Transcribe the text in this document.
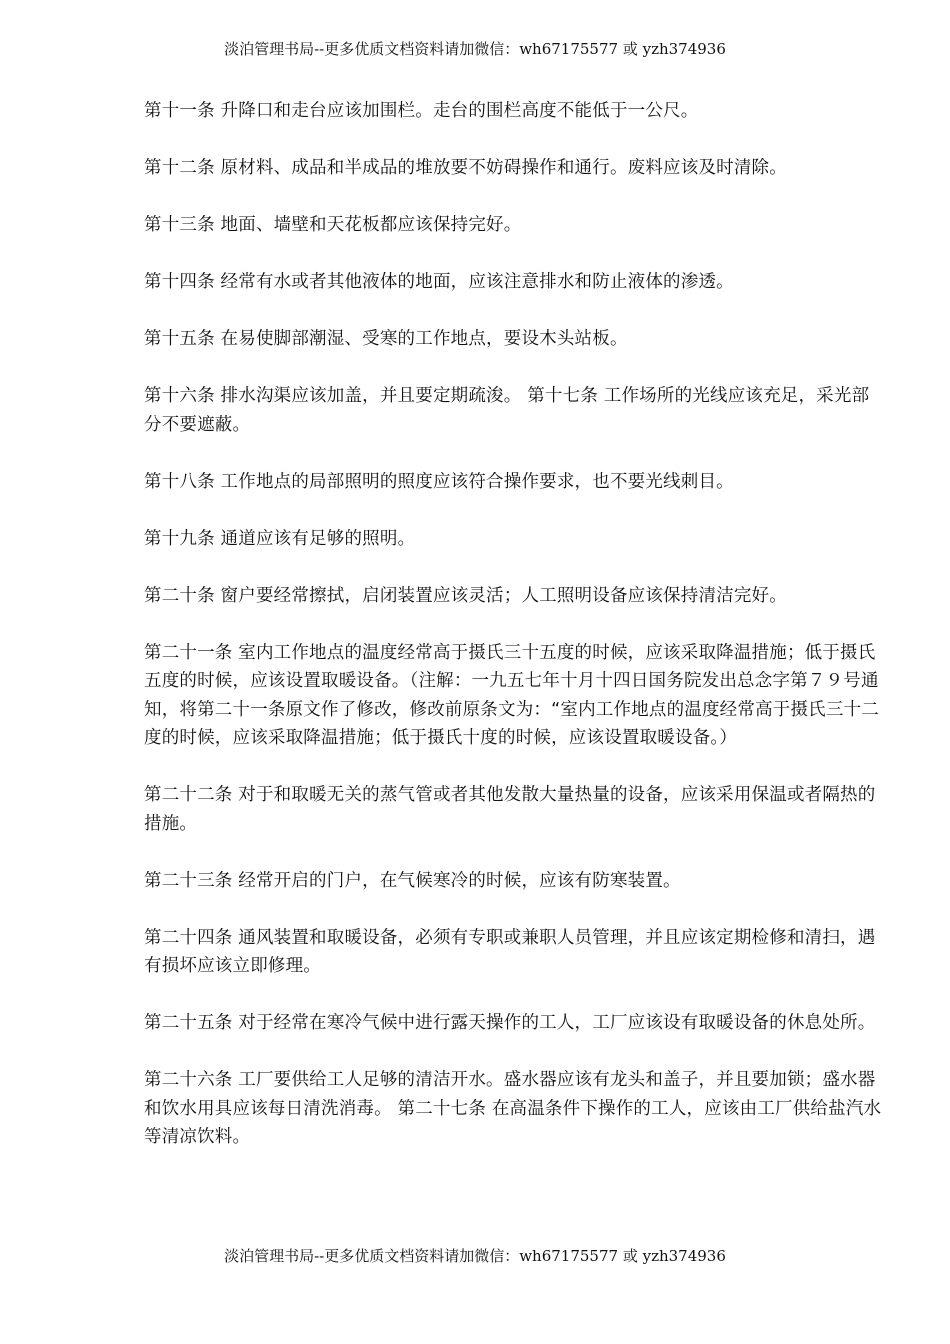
淡泊管理书局--更多优质文档资料请加微信：wh67175577 或 yzh374936

第十一条 升降口和走台应该加围栏。走台的围栏高度不能低于一公尺。

第十二条 原材料、成品和半成品的堆放要不妨碍操作和通行。废料应该及时清除。

第十三条 地面、墙壁和天花板都应该保持完好。

第十四条 经常有水或者其他液体的地面，应该注意排水和防止液体的渗透。

第十五条 在易使脚部潮湿、受寒的工作地点，要设木头站板。

第十六条 排水沟渠应该加盖，并且要定期疏浚。 第十七条 工作场所的光线应该充足，采光部分不要遮蔽。

第十八条 工作地点的局部照明的照度应该符合操作要求，也不要光线刺目。

第十九条 通道应该有足够的照明。

第二十条 窗户要经常擦拭，启闭装置应该灵活；人工照明设备应该保持清洁完好。

第二十一条 室内工作地点的温度经常高于摄氏三十五度的时候，应该采取降温措施；低于摄氏五度的时候，应该设置取暖设备。（注解：一九五七年十月十四日国务院发出总念字第７９号通知，将第二十一条原文作了修改，修改前原条文为：“室内工作地点的温度经常高于摄氏三十二度的时候，应该采取降温措施；低于摄氏十度的时候，应该设置取暖设备。）

第二十二条 对于和取暖无关的蒸气管或者其他发散大量热量的设备，应该采用保温或者隔热的措施。

第二十三条 经常开启的门户，在气候寒冷的时候，应该有防寒装置。

第二十四条 通风装置和取暖设备，必须有专职或兼职人员管理，并且应该定期检修和清扫，遇有损坏应该立即修理。

第二十五条 对于经常在寒冷气候中进行露天操作的工人，工厂应该设有取暖设备的休息处所。

第二十六条 工厂要供给工人足够的清洁开水。盛水器应该有龙头和盖子，并且要加锁；盛水器和饮水用具应该每日清洗消毒。 第二十七条 在高温条件下操作的工人，应该由工厂供给盐汽水等清凉饮料。

淡泊管理书局--更多优质文档资料请加微信：wh67175577 或 yzh374936
